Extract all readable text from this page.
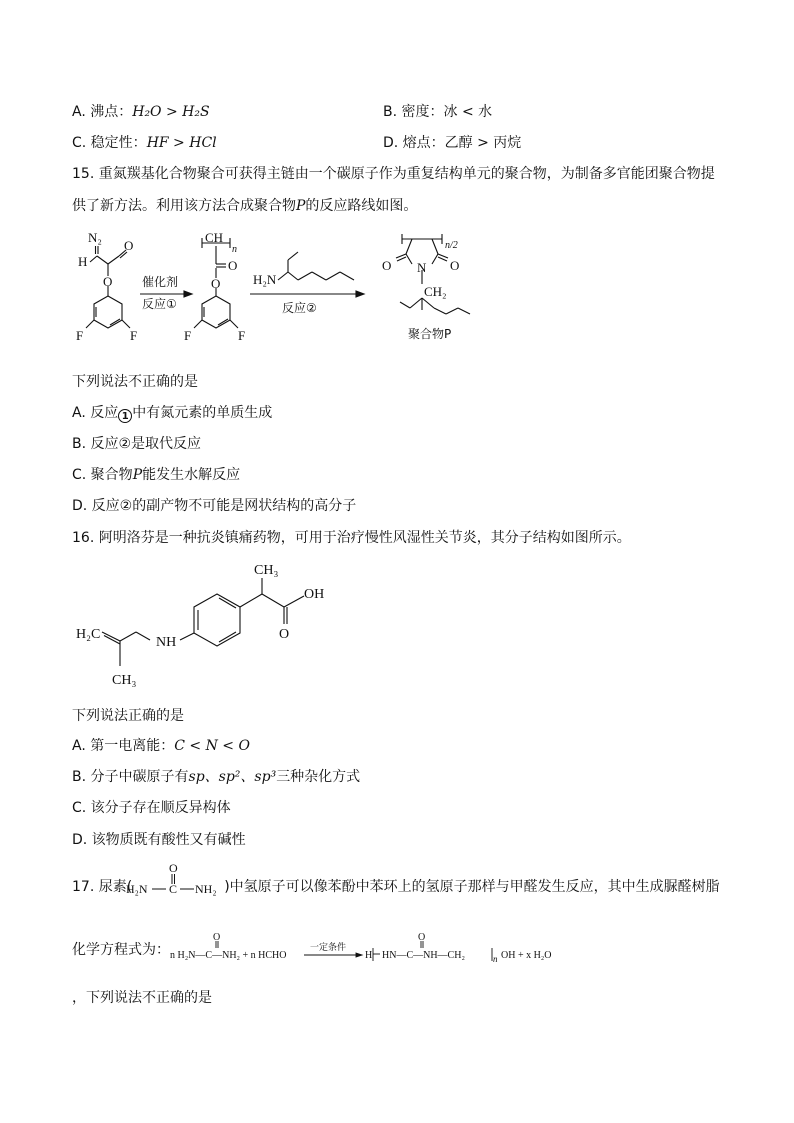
A. 沸点：H₂O > H₂S	B. 密度：冰 < 水
C. 稳定性：HF > HCl	D. 熔点：乙醇 > 丙烷
15. 重氮羰基化合物聚合可获得主链由一个碳原子作为重复结构单元的聚合物，为制备多官能团聚合物提
供了新方法。利用该方法合成聚合物P的反应路线如图。
N₂
H
O
O
F	F
催化剂
反应①
CH
n
O
O
F	F
H₂N
反应②
n/2
O	O
N
CH₂
聚合物P
下列说法不正确的是
A. 反应 1 中有氮元素的单质生成
B. 反应②是取代反应
C. 聚合物P能发生水解反应
D. 反应②的副产物不可能是网状结构的高分子
16. 阿明洛芬是一种抗炎镇痛药物，可用于治疗慢性风湿性关节炎，其分子结构如图所示。
CH₃
OH
O
H₂C
NH
CH₃
下列说法正确的是
A. 第一电离能：C < N < O
B. 分子中碳原子有sp、sp²、sp³三种杂化方式
C. 该分子存在顺反异构体
D. 该物质既有酸性又有碱性
17. 尿素(	)中氢原子可以像苯酚中苯环上的氢原子那样与甲醛发生反应，其中生成脲醛树脂
O
H₂N C NH₂
化学方程式为： n H₂N—C—NH₂ + n HCHO
O
一定条件
H HN—C—NH—CH₂
O
n OH + x H₂O
，下列说法不正确的是
